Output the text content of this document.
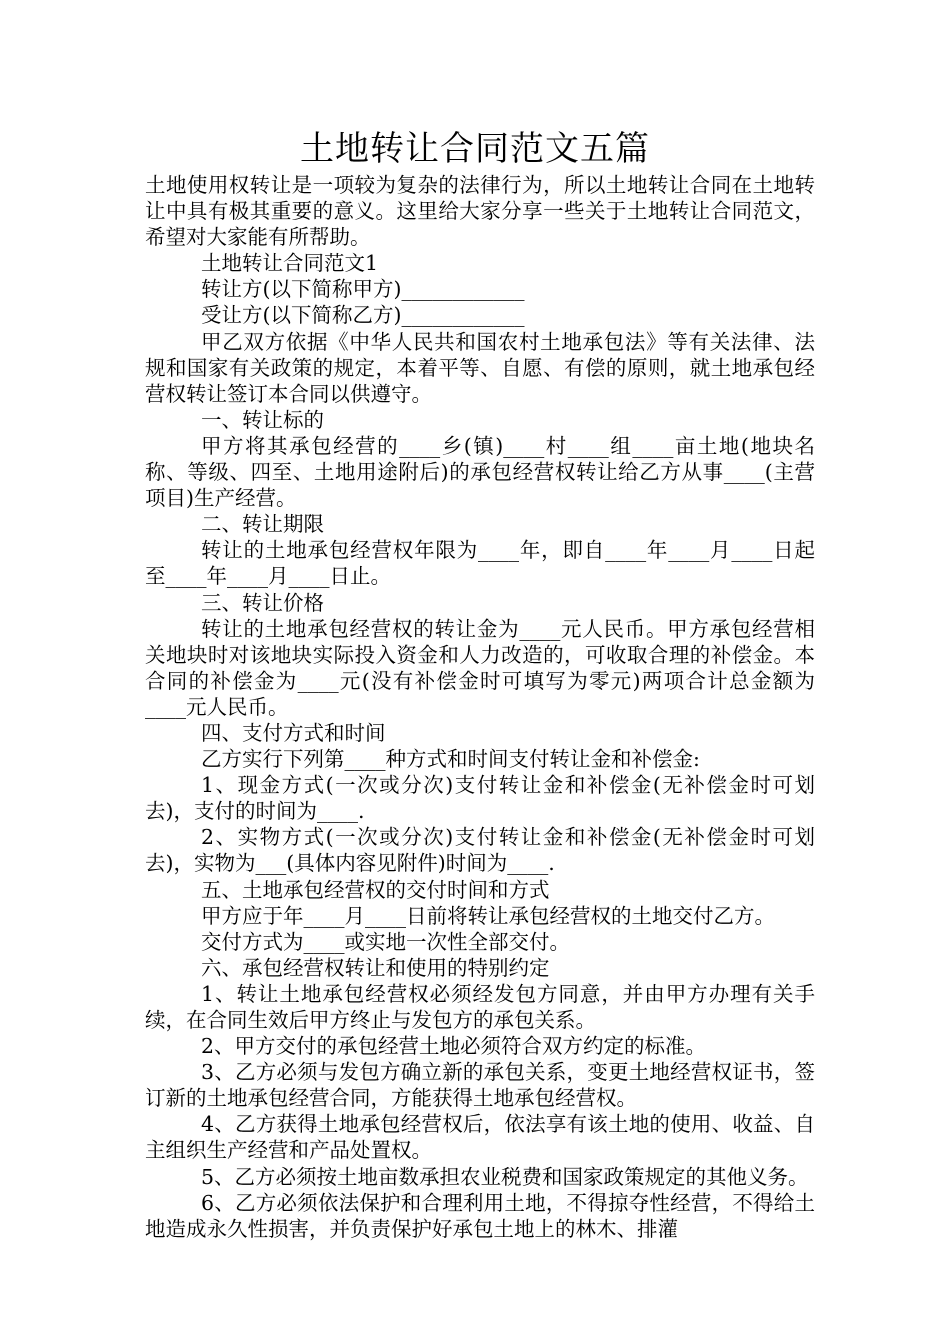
土地转让合同范文五篇

土地使用权转让是一项较为复杂的法律行为，所以土地转让合同在土地转让中具有极其重要的意义。这里给大家分享一些关于土地转让合同范文，希望对大家能有所帮助。

土地转让合同范文1

转让方(以下简称甲方)____________

受让方(以下简称乙方)____________

甲乙双方依据《中华人民共和国农村土地承包法》等有关法律、法规和国家有关政策的规定，本着平等、自愿、有偿的原则，就土地承包经营权转让签订本合同以供遵守。

一、转让标的

甲方将其承包经营的____乡(镇)____村____组____亩土地(地块名称、等级、四至、土地用途附后)的承包经营权转让给乙方从事____(主营项目)生产经营。

二、转让期限

转让的土地承包经营权年限为____年，即自____年____月____日起至____年____月____日止。

三、转让价格

转让的土地承包经营权的转让金为____元人民币。甲方承包经营相关地块时对该地块实际投入资金和人力改造的，可收取合理的补偿金。本合同的补偿金为____元(没有补偿金时可填写为零元)两项合计总金额为____元人民币。

四、支付方式和时间

乙方实行下列第____种方式和时间支付转让金和补偿金:

1、现金方式(一次或分次)支付转让金和补偿金(无补偿金时可划去)，支付的时间为____.

2、实物方式(一次或分次)支付转让金和补偿金(无补偿金时可划去)，实物为___(具体内容见附件)时间为____.

五、土地承包经营权的交付时间和方式

甲方应于年____月____日前将转让承包经营权的土地交付乙方。

交付方式为____或实地一次性全部交付。

六、承包经营权转让和使用的特别约定

1、转让土地承包经营权必须经发包方同意，并由甲方办理有关手续，在合同生效后甲方终止与发包方的承包关系。

2、甲方交付的承包经营土地必须符合双方约定的标准。

3、乙方必须与发包方确立新的承包关系，变更土地经营权证书，签订新的土地承包经营合同，方能获得土地承包经营权。

4、乙方获得土地承包经营权后，依法享有该土地的使用、收益、自主组织生产经营和产品处置权。

5、乙方必须按土地亩数承担农业税费和国家政策规定的其他义务。

6、乙方必须依法保护和合理利用土地，不得掠夺性经营，不得给土地造成永久性损害，并负责保护好承包土地上的林木、排灌
